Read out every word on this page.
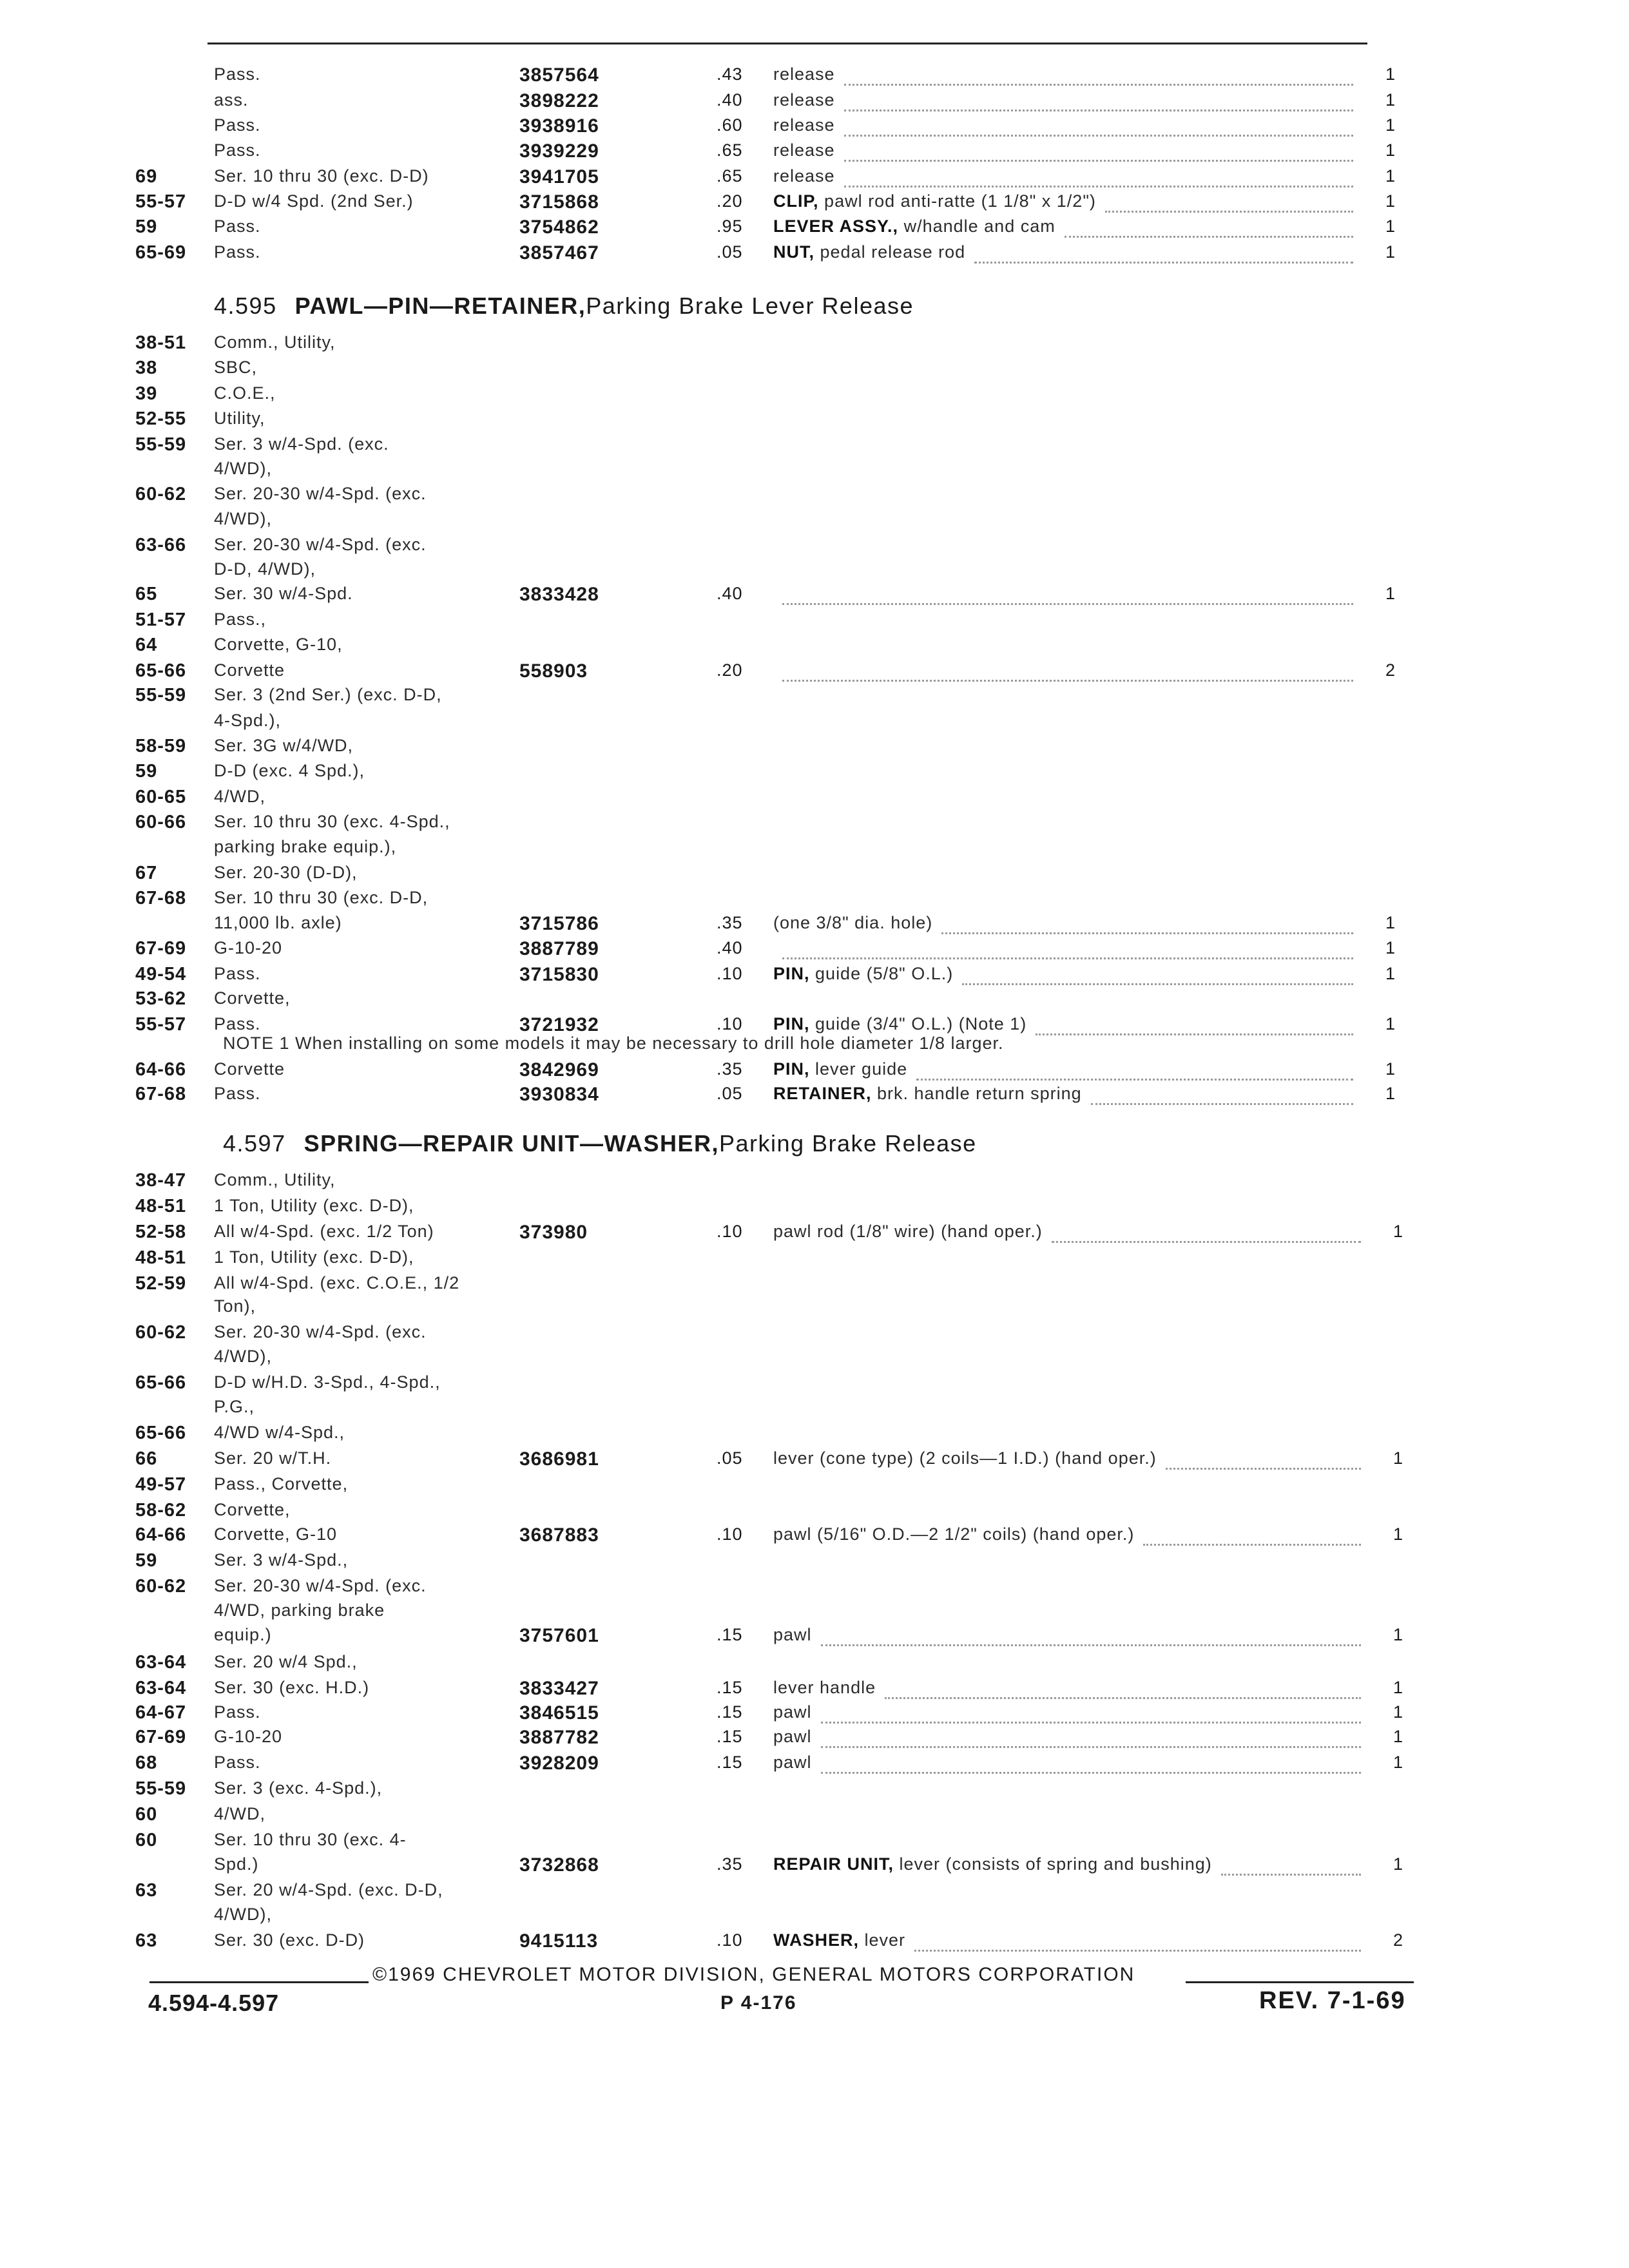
Pass.	3857564	.43 release	1
ass.	3898222	.40 release	1
Pass.	3938916	.60 release	1
Pass.	3939229	.65 release	1
69	Ser. 10 thru 30 (exc. D-D)	3941705	.65 release	1
55-57 D-D w/4 Spd. (2nd Ser.)	3715868	.20 CLIP, pawl rod anti-ratte (1 1/8" x 1/2")	1
59	Pass.	3754862	.95 LEVER ASSY., w/handle and cam	1
65-69 Pass.	3857467	.05 NUT, pedal release rod	1
4.595 PAWL—PIN—RETAINER,Parking Brake Lever Release
38-51 Comm., Utility,
38	SBC,
39	C.O.E.,
52-55 Utility,
55-59 Ser. 3 w/4-Spd. (exc.
4/WD),
60-62 Ser. 20-30 w/4-Spd. (exc.
4/WD),
63-66 Ser. 20-30 w/4-Spd. (exc.
D-D, 4/WD),
65	Ser. 30 w/4-Spd.	3833428	.40	1
51-57 Pass.,
64	Corvette, G-10,
65-66 Corvette	558903	.20	2
55-59 Ser. 3 (2nd Ser.) (exc. D-D,
4-Spd.),
58-59 Ser. 3G w/4/WD,
59	D-D (exc. 4 Spd.),
60-65 4/WD,
60-66 Ser. 10 thru 30 (exc. 4-Spd.,
parking brake equip.),
67	Ser. 20-30 (D-D),
67-68 Ser. 10 thru 30 (exc. D-D,
11,000 lb. axle)	3715786	.35 (one 3/8" dia. hole)	1
67-69 G-10-20	3887789	.40	1
49-54 Pass.	3715830	.10 PIN, guide (5/8" O.L.)	1
53-62 Corvette,
55-57 Pass.	3721932	.10 PIN, guide (3/4" O.L.) (Note 1)	1
64-66 Corvette	3842969	.35 PIN, lever guide	1
67-68 Pass.	3930834	.05 RETAINER, brk. handle return spring	1
NOTE 1 When installing on some models it may be necessary to drill hole diameter 1/8 larger.
4.597 SPRING—REPAIR UNIT—WASHER,Parking Brake Release
38-47 Comm., Utility,
48-51 1 Ton, Utility (exc. D-D),
52-58 All w/4-Spd. (exc. 1/2 Ton)	373980	.10 pawl rod (1/8" wire) (hand oper.)	1
48-51 1 Ton, Utility (exc. D-D),
52-59 All w/4-Spd. (exc. C.O.E., 1/2
Ton),
60-62 Ser. 20-30 w/4-Spd. (exc.
4/WD),
65-66 D-D w/H.D. 3-Spd., 4-Spd.,
P.G.,
65-66 4/WD w/4-Spd.,
66	Ser. 20 w/T.H.	3686981	.05 lever (cone type) (2 coils—1 I.D.) (hand oper.)	1
49-57 Pass., Corvette,
58-62 Corvette,
64-66 Corvette, G-10	3687883	.10 pawl (5/16" O.D.—2 1/2" coils) (hand oper.)	1
59	Ser. 3 w/4-Spd.,
60-62 Ser. 20-30 w/4-Spd. (exc.
4/WD, parking brake
equip.)	3757601	.15 pawl	1
63-64 Ser. 20 w/4 Spd.,
63-64 Ser. 30 (exc. H.D.)	3833427	.15 lever handle	1
64-67 Pass.	3846515	.15 pawl	1
67-69 G-10-20	3887782	.15 pawl	1
68	Pass.	3928209	.15 pawl	1
55-59 Ser. 3 (exc. 4-Spd.),
60	4/WD,
60	Ser. 10 thru 30 (exc. 4-
Spd.)	3732868	.35 REPAIR UNIT, lever (consists of spring and bushing)	1
63	Ser. 20 w/4-Spd. (exc. D-D,
4/WD),
63	Ser. 30 (exc. D-D)	9415113	.10 WASHER, lever	2
©1969 CHEVROLET MOTOR DIVISION, GENERAL MOTORS CORPORATION
4.594-4.597	P 4-176	REV. 7-1-69
